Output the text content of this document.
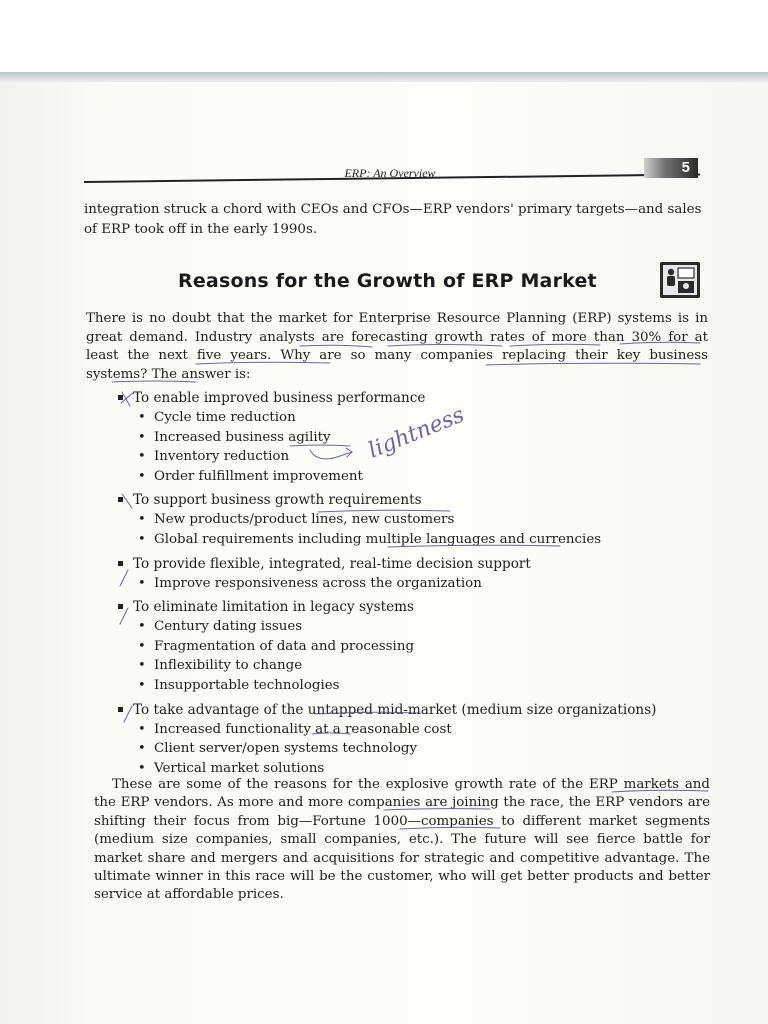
ERP: An Overview	5

integration struck a chord with CEOs and CFOs—ERP vendors' primary targets—and sales of ERP took off in the early 1990s.

Reasons for the Growth of ERP Market

There is no doubt that the market for Enterprise Resource Planning (ERP) systems is in great demand. Industry analysts are forecasting growth rates of more than 30% for at least the next five years. Why are so many companies replacing their key business systems? The answer is:

To enable improved business performance
• Cycle time reduction
• Increased business agility
• Inventory reduction
• Order fulfillment improvement
To support business growth requirements
• New products/product lines, new customers
• Global requirements including multiple languages and currencies
To provide flexible, integrated, real-time decision support
• Improve responsiveness across the organization
To eliminate limitation in legacy systems
• Century dating issues
• Fragmentation of data and processing
• Inflexibility to change
• Insupportable technologies
To take advantage of the untapped mid-market (medium size organizations)
• Increased functionality at a reasonable cost
• Client server/open systems technology
• Vertical market solutions

These are some of the reasons for the explosive growth rate of the ERP markets and the ERP vendors. As more and more companies are joining the race, the ERP vendors are shifting their focus from big—Fortune 1000—companies to different market segments (medium size companies, small companies, etc.). The future will see fierce battle for market share and mergers and acquisitions for strategic and competitive advantage. The ultimate winner in this race will be the customer, who will get better products and better service at affordable prices.

lightness
